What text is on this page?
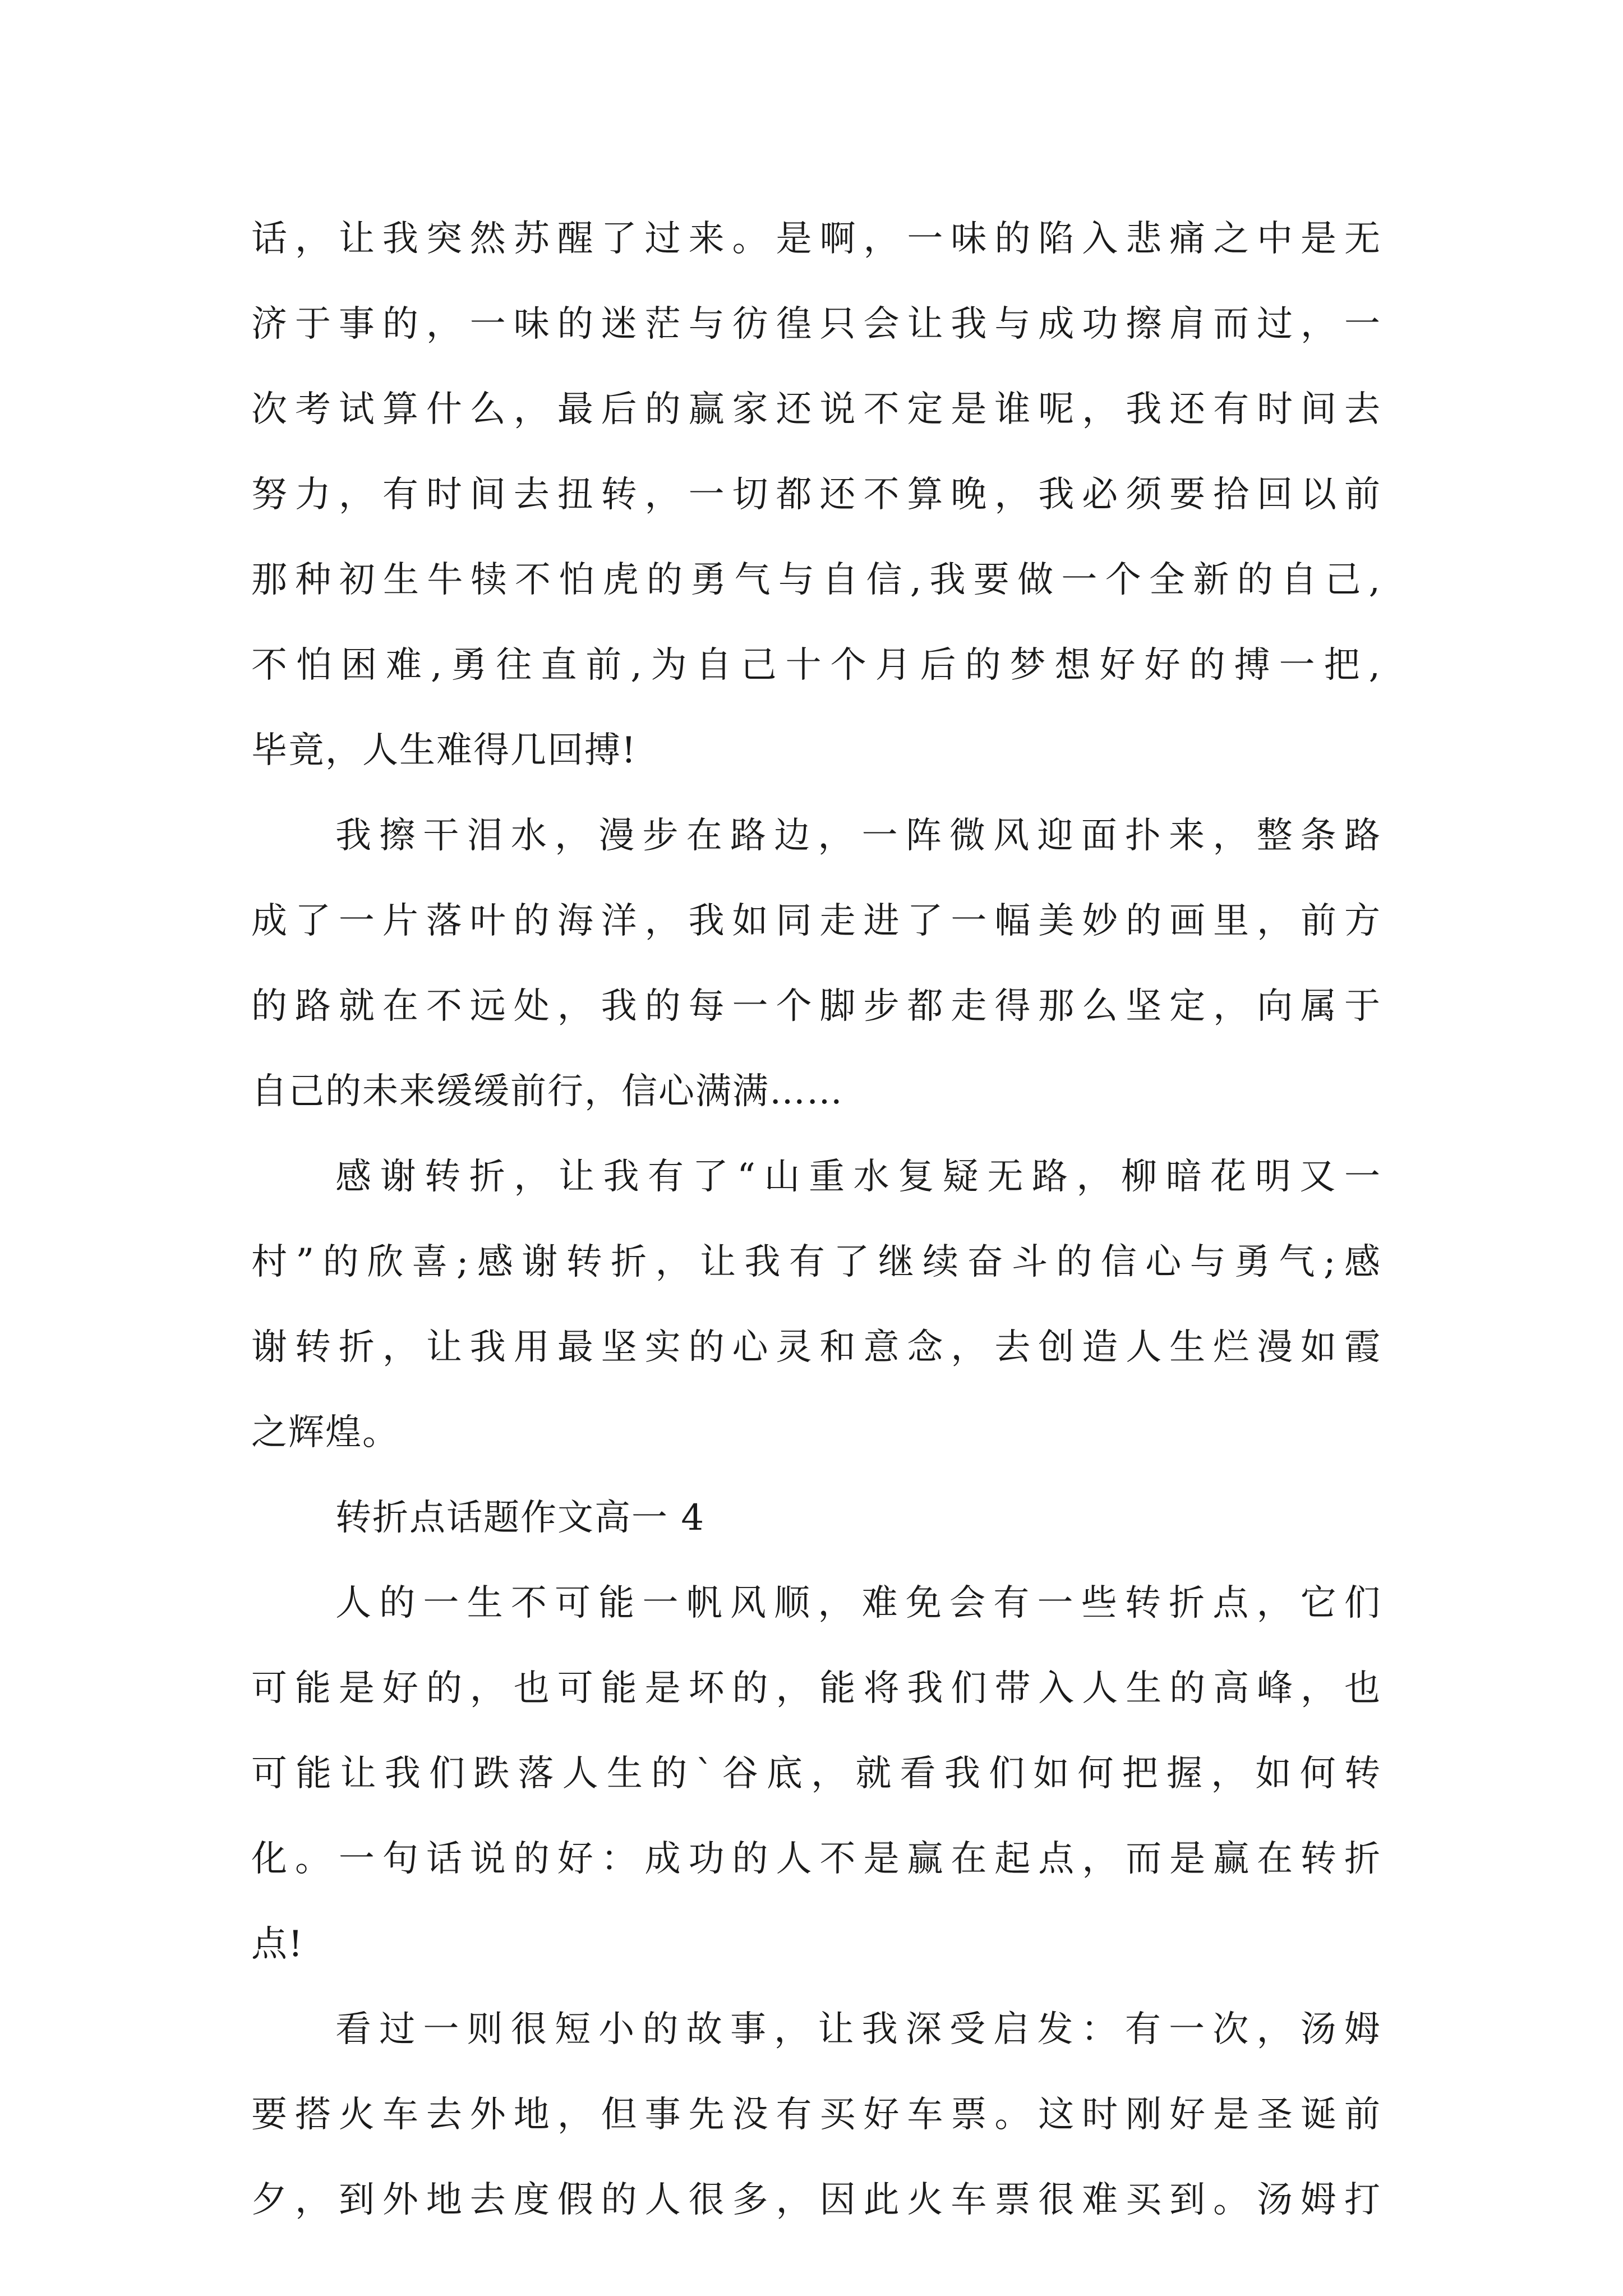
话，让我突然苏醒了过来。是啊，一味的陷入悲痛之中是无
济于事的，一味的迷茫与彷徨只会让我与成功擦肩而过，一
次考试算什么，最后的赢家还说不定是谁呢，我还有时间去
努力，有时间去扭转，一切都还不算晚，我必须要拾回以前
那种初生牛犊不怕虎的勇气与自信,我要做一个全新的自己,
不怕困难,勇往直前,为自己十个月后的梦想好好的搏一把,
毕竟，人生难得几回搏!
我擦干泪水，漫步在路边，一阵微风迎面扑来，整条路
成了一片落叶的海洋，我如同走进了一幅美妙的画里，前方
的路就在不远处，我的每一个脚步都走得那么坚定，向属于
自己的未来缓缓前行，信心满满……
感谢转折，让我有了“山重水复疑无路，柳暗花明又一
村”的欣喜;感谢转折，让我有了继续奋斗的信心与勇气;感
谢转折，让我用最坚实的心灵和意念，去创造人生烂漫如霞
之辉煌。
转折点话题作文高一 4
人的一生不可能一帆风顺，难免会有一些转折点，它们
可能是好的，也可能是坏的，能将我们带入人生的高峰，也
可能让我们跌落人生的`谷底，就看我们如何把握，如何转
化。一句话说的好：成功的人不是赢在起点，而是赢在转折
点!
看过一则很短小的故事，让我深受启发：有一次，汤姆
要搭火车去外地，但事先没有买好车票。这时刚好是圣诞前
夕，到外地去度假的人很多，因此火车票很难买到。汤姆打
